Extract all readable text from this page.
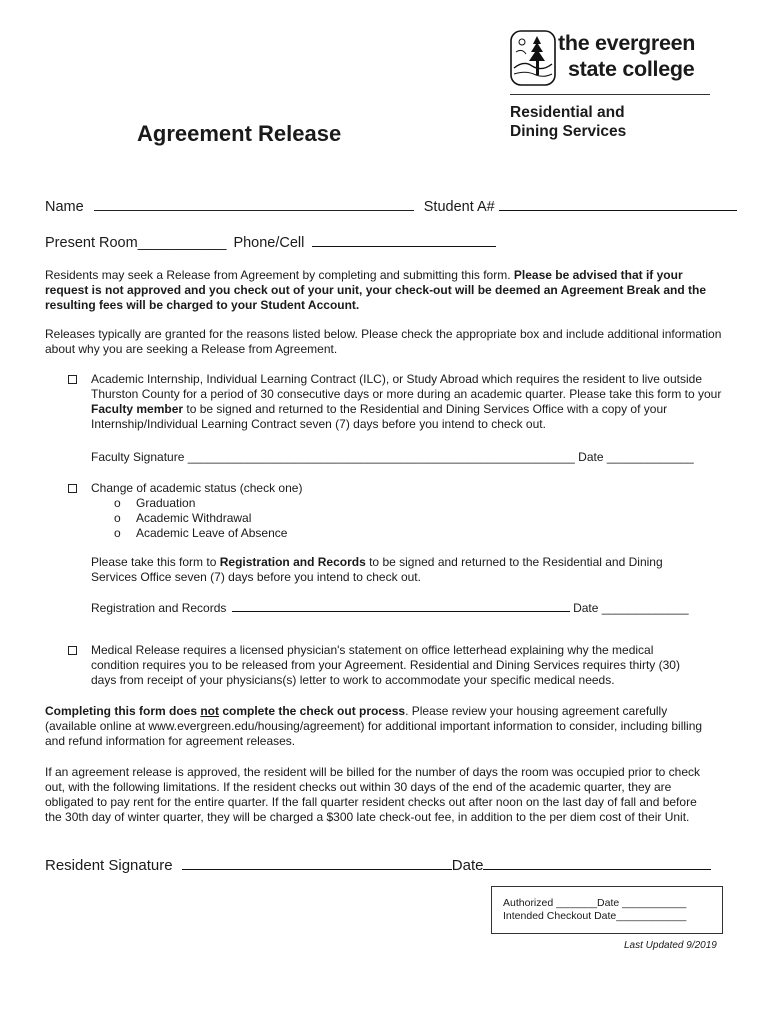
the evergreen
state college
Residential and
Dining Services
Agreement Release
Name	Student A#
Present Room___________ Phone/Cell
Residents may seek a Release from Agreement by completing and submitting this form. Please be advised that if your request is not approved and you check out of your unit, your check-out will be deemed an Agreement Break and the resulting fees will be charged to your Student Account.
Releases typically are granted for the reasons listed below. Please check the appropriate box and include additional information about why you are seeking a Release from Agreement.
Academic Internship, Individual Learning Contract (ILC), or Study Abroad which requires the resident to live outside Thurston County for a period of 30 consecutive days or more during an academic quarter. Please take this form to your Faculty member to be signed and returned to the Residential and Dining Services Office with a copy of your Internship/Individual Learning Contract seven (7) days before you intend to check out.
Faculty Signature __________________________________________________________ Date _____________
Change of academic status (check one)
o Graduation
o Academic Withdrawal
o Academic Leave of Absence
Please take this form to Registration and Records to be signed and returned to the Residential and Dining Services Office seven (7) days before you intend to check out.
Registration and Records	Date _____________
Medical Release requires a licensed physician's statement on office letterhead explaining why the medical condition requires you to be released from your Agreement. Residential and Dining Services requires thirty (30) days from receipt of your physicians(s) letter to work to accommodate your specific medical needs.
Completing this form does not complete the check out process. Please review your housing agreement carefully (available online at www.evergreen.edu/housing/agreement) for additional important information to consider, including billing and refund information for agreement releases.
If an agreement release is approved, the resident will be billed for the number of days the room was occupied prior to check out, with the following limitations. If the resident checks out within 30 days of the end of the academic quarter, they are obligated to pay rent for the entire quarter. If the fall quarter resident checks out after noon on the last day of fall and before the 30th day of winter quarter, they will be charged a $300 late check-out fee, in addition to the per diem cost of their Unit.
Resident Signature	Date
Authorized _______Date ___________
Intended Checkout Date____________
Last Updated 9/2019
